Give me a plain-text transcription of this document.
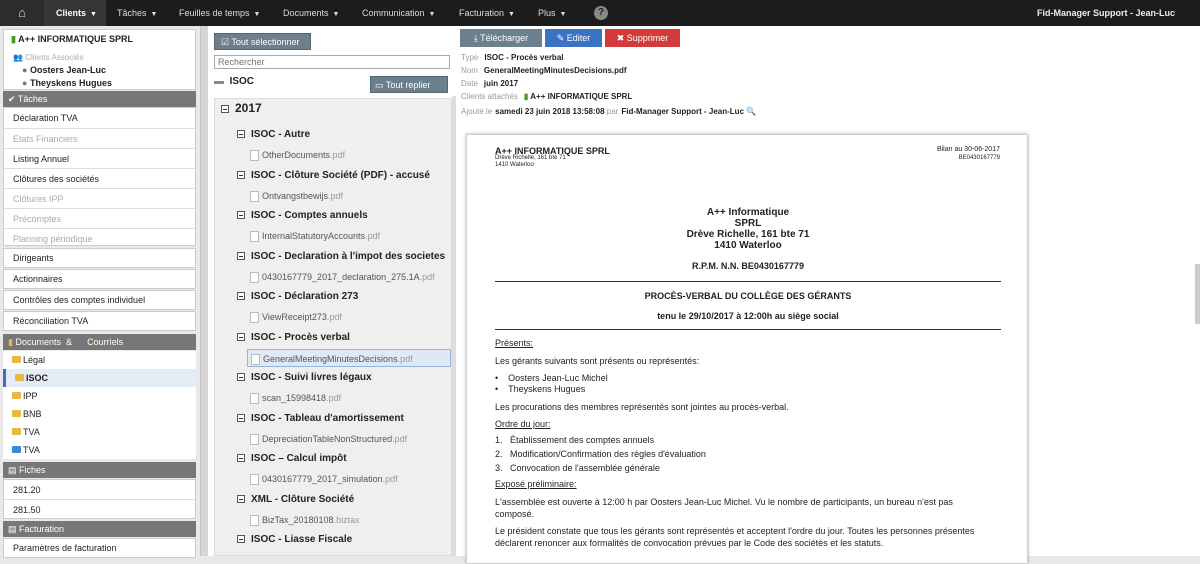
⌂	Clients ▼	Tâches ▼ Feuilles de temps ▼	Documents ▼	Communication ▼	Facturation ▼	Plus ▼	?	Fid-Manager Support - Jean-Luc
▮ A++ INFORMATIQUE SPRL
👥 Clients Associés
● Oosters Jean-Luc
● Theyskens Hugues
✔ Tâches
Déclaration TVA
Etats Financiers
Listing Annuel
Clôtures des sociétés
Clôtures IPP
Précomptes
Planning périodique
Dirigeants
Actionnaires
Contrôles des comptes individuel
Réconciliation TVA
▮ Documents & ✉ Courriels
Légal
ISOC
IPP
BNB
TVA
TVA
▤ Fiches
281.20
281.50
▤ Facturation
Paramètres de facturation
☑ Tout sélectionner
Rechercher
▬ ISOC	▭ Tout replier
2017
ISOC - Autre
OtherDocuments.pdf
ISOC - Clôture Société (PDF) - accusé
Ontvangstbewijs.pdf
ISOC - Comptes annuels
InternalStatutoryAccounts.pdf
ISOC - Declaration à l'impot des societes
0430167779_2017_declaration_275.1A.pdf
ISOC - Déclaration 273
ViewReceipt273.pdf
ISOC - Procès verbal
GeneralMeetingMinutesDecisions.pdf
ISOC - Suivi livres légaux
scan_15998418.pdf
ISOC - Tableau d'amortissement
DepreciationTableNonStructured.pdf
ISOC – Calcul impôt
0430167779_2017_simulation.pdf
XML - Clôture Société
BizTax_20180108.biztax
ISOC - Liasse Fiscale
⤓ Télécharger	✎ Editer	✖ Supprimer
Type ISOC - Procès verbal
Nom GeneralMeetingMinutesDecisions.pdf
Date juin 2017
Clients attachés ▮ A++ INFORMATIQUE SPRL
Ajouté le samedi 23 juin 2018 13:58:08 par Fid-Manager Support - Jean-Luc 🔍
A++ INFORMATIQUE SPRL
Drève Richelle, 161 bte 71
1410 Waterloo
Bilan au 30-06-2017
BE0430167779
A++ Informatique
SPRL
Drève Richelle, 161 bte 71
1410 Waterloo
R.P.M. N.N. BE0430167779
PROCÈS-VERBAL DU COLLÈGE DES GÉRANTS
tenu le 29/10/2017 à 12:00h au siège social
Présents:
Les gérants suivants sont présents ou représentés:
•    Oosters Jean-Luc Michel
•    Theyskens Hugues
Les procurations des membres représentés sont jointes au procès-verbal.
Ordre du jour:
1.   Établissement des comptes annuels
2.   Modification/Confirmation des règles d'évaluation
3.   Convocation de l'assemblée générale
Exposé préliminaire:
L'assemblée est ouverte à 12:00 h par Oosters Jean-Luc Michel. Vu le nombre de participants, un bureau n'est pas
composé.
Le président constate que tous les gérants sont représentés et acceptent l'ordre du jour. Toutes les personnes présentes
déclarent renoncer aux formalités de convocation prévues par le Code des sociétés et les statuts.
